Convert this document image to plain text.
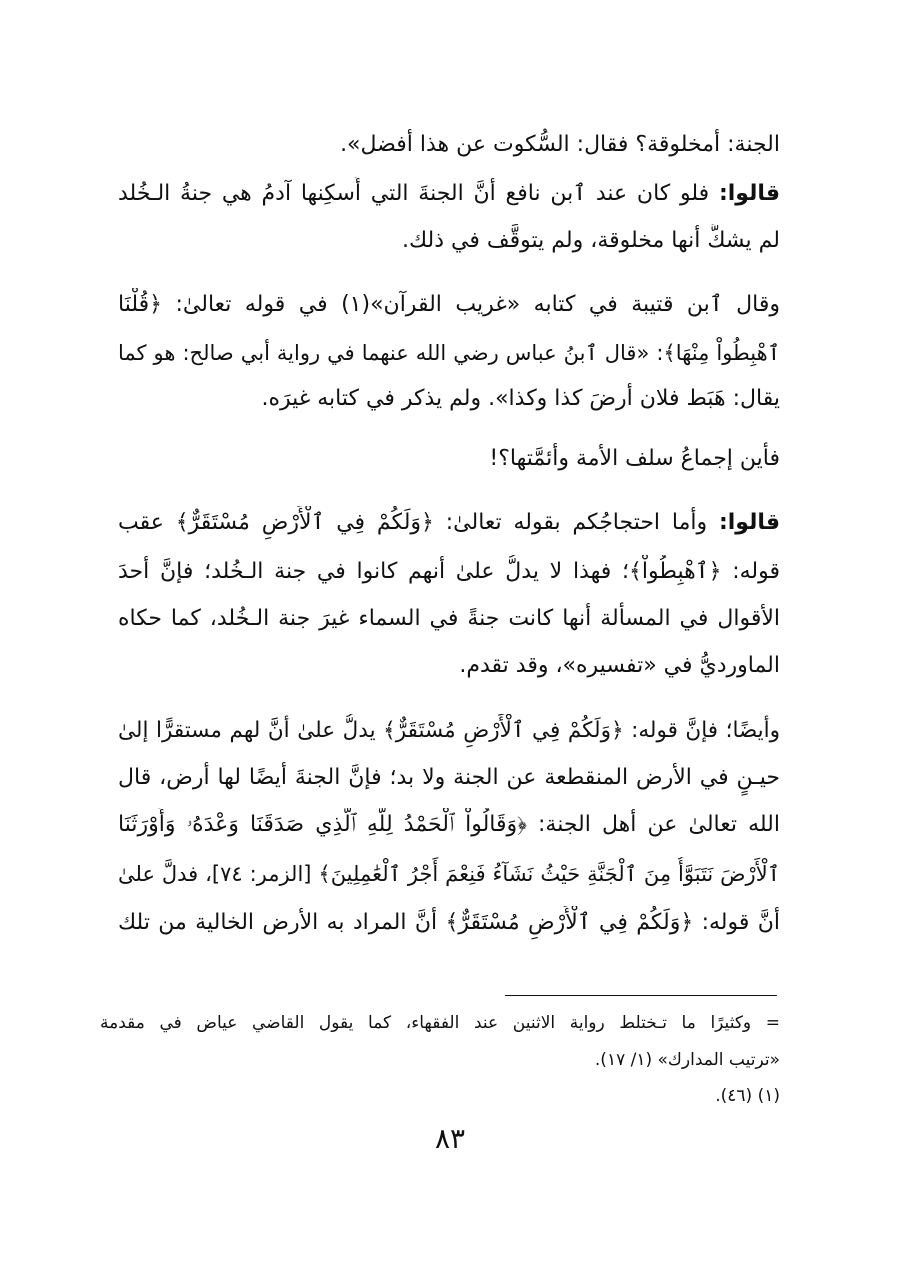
الجنة: أمخلوقة؟ فقال: السُّكوت عن هذا أفضل».
قالوا: فلو كان عند ٱبن نافع أنَّ الجنةَ التي أُسكِنها آدمُ هي جنةُ الـخُلد
لم يشكَّ أنها مخلوقة، ولم يتوقَّف في ذلك.
وقال ٱبن قتيبة في كتابه «غريب القرآن»(١) في قوله تعالىٰ: ﴿قُلْنَا
ٱهْبِطُواْ مِنْهَا﴾: «قال ٱبنُ عباس رضي الله عنهما في رواية أبي صالح: هو كما
يقال: هَبَط فلان أرضَ كذا وكذا». ولم يذكر في كتابه غيرَه.
فأين إجماعُ سلف الأمة وأئمَّتها؟!
قالوا: وأما احتجاجُكم بقوله تعالىٰ: ﴿وَلَكُمْ فِي ٱلْأَرْضِ مُسْتَقَرٌّ﴾ عقب
قوله: ﴿ٱهْبِطُواْ﴾؛ فهذا لا يدلُّ علىٰ أنهم كانوا في جنة الـخُلد؛ فإنَّ أحدَ
الأقوال في المسألة أنها كانت جنةً في السماء غيرَ جنة الـخُلد، كما حكاه
الماورديُّ في «تفسيره»، وقد تقدم.
وأيضًا؛ فإنَّ قوله: ﴿وَلَكُمْ فِي ٱلْأَرْضِ مُسْتَقَرٌّ﴾ يدلُّ علىٰ أنَّ لهم مستقرًّا إلىٰ
حيـنٍ في الأرض المنقطعة عن الجنة ولا بد؛ فإنَّ الجنةَ أيضًا لها أرض، قال
الله تعالىٰ عن أهل الجنة: ﴿وَقَالُواْ ٱلْحَمْدُ لِلَّهِ ٱلَّذِي صَدَقَنَا وَعْدَهُۥ وَأَوْرَثَنَا
ٱلْأَرْضَ نَتَبَوَّأُ مِنَ ٱلْجَنَّةِ حَيْثُ نَشَآءُ فَنِعْمَ أَجْرُ ٱلْعَٰمِلِينَ﴾ [الزمر: ٧٤]، فدلَّ علىٰ
أنَّ قوله: ﴿وَلَكُمْ فِي ٱلْأَرْضِ مُسْتَقَرٌّ﴾ أنَّ المراد به الأرض الخالية من تلك
= وكثيرًا ما تـختلط رواية الاثنين عند الفقهاء، كما يقول القاضي عياض في مقدمة
«ترتيب المدارك» (١/ ١٧).
(١) (٤٦).
٨٣
